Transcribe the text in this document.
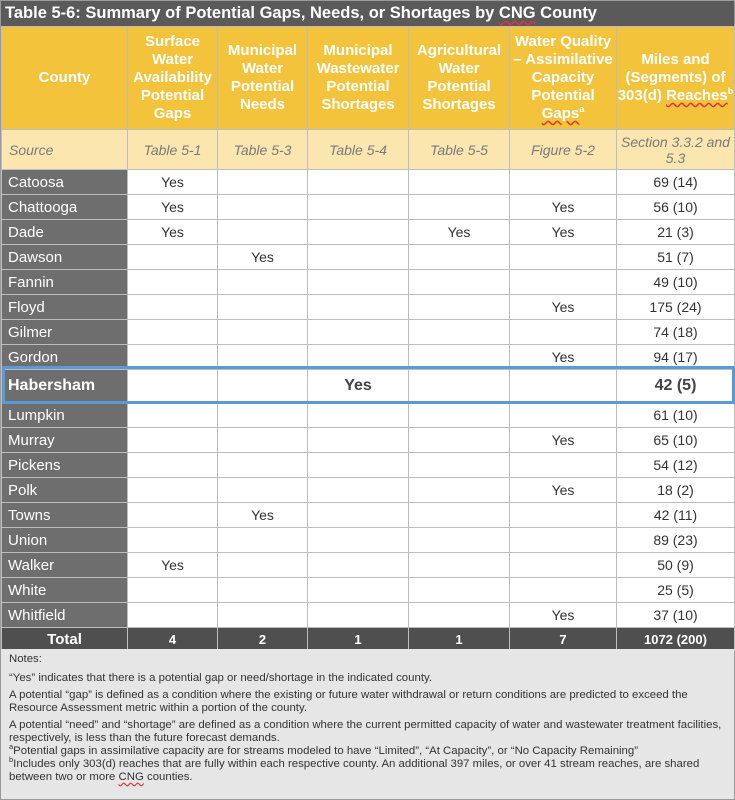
Table 5-6: Summary of Potential Gaps, Needs, or Shortages by CNG County
County	Surface Water Availability Potential Gaps	Municipal Water Potential Needs	Municipal Wastewater Potential Shortages	Agricultural Water Potential Shortages	Water Quality – Assimilative Capacity Potential Gaps$^a$	Miles and (Segments) of 303(d) Reaches$^b$
Source	Table 5-1	Table 5-3	Table 5-4	Table 5-5	Figure 5-2	Section 3.3.2 and 5.3
Catoosa	Yes					69 (14)
Chattooga	Yes				Yes	56 (10)
Dade	Yes			Yes	Yes	21 (3)
Dawson		Yes				51 (7)
Fannin						49 (10)
Floyd					Yes	175 (24)
Gilmer						74 (18)
Gordon					Yes	94 (17)
Habersham			Yes			42 (5)
Lumpkin						61 (10)
Murray					Yes	65 (10)
Pickens						54 (12)
Polk					Yes	18 (2)
Towns		Yes				42 (11)
Union						89 (23)
Walker	Yes					50 (9)
White						25 (5)
Whitfield					Yes	37 (10)
Total	4	2	1	1	7	1072 (200)

Notes:

“Yes” indicates that there is a potential gap or need/shortage in the indicated county.

A potential “gap” is defined as a condition where the existing or future water withdrawal or return conditions are predicted to exceed the Resource Assessment metric within a portion of the county.

A potential “need” and “shortage” are defined as a condition where the current permitted capacity of water and wastewater treatment facilities, respectively, is less than the future forecast demands.

$^a$Potential gaps in assimilative capacity are for streams modeled to have “Limited”, “At Capacity”, or “No Capacity Remaining”

$^b$Includes only 303(d) reaches that are fully within each respective county. An additional 397 miles, or over 41 stream reaches, are shared between two or more CNG counties.
